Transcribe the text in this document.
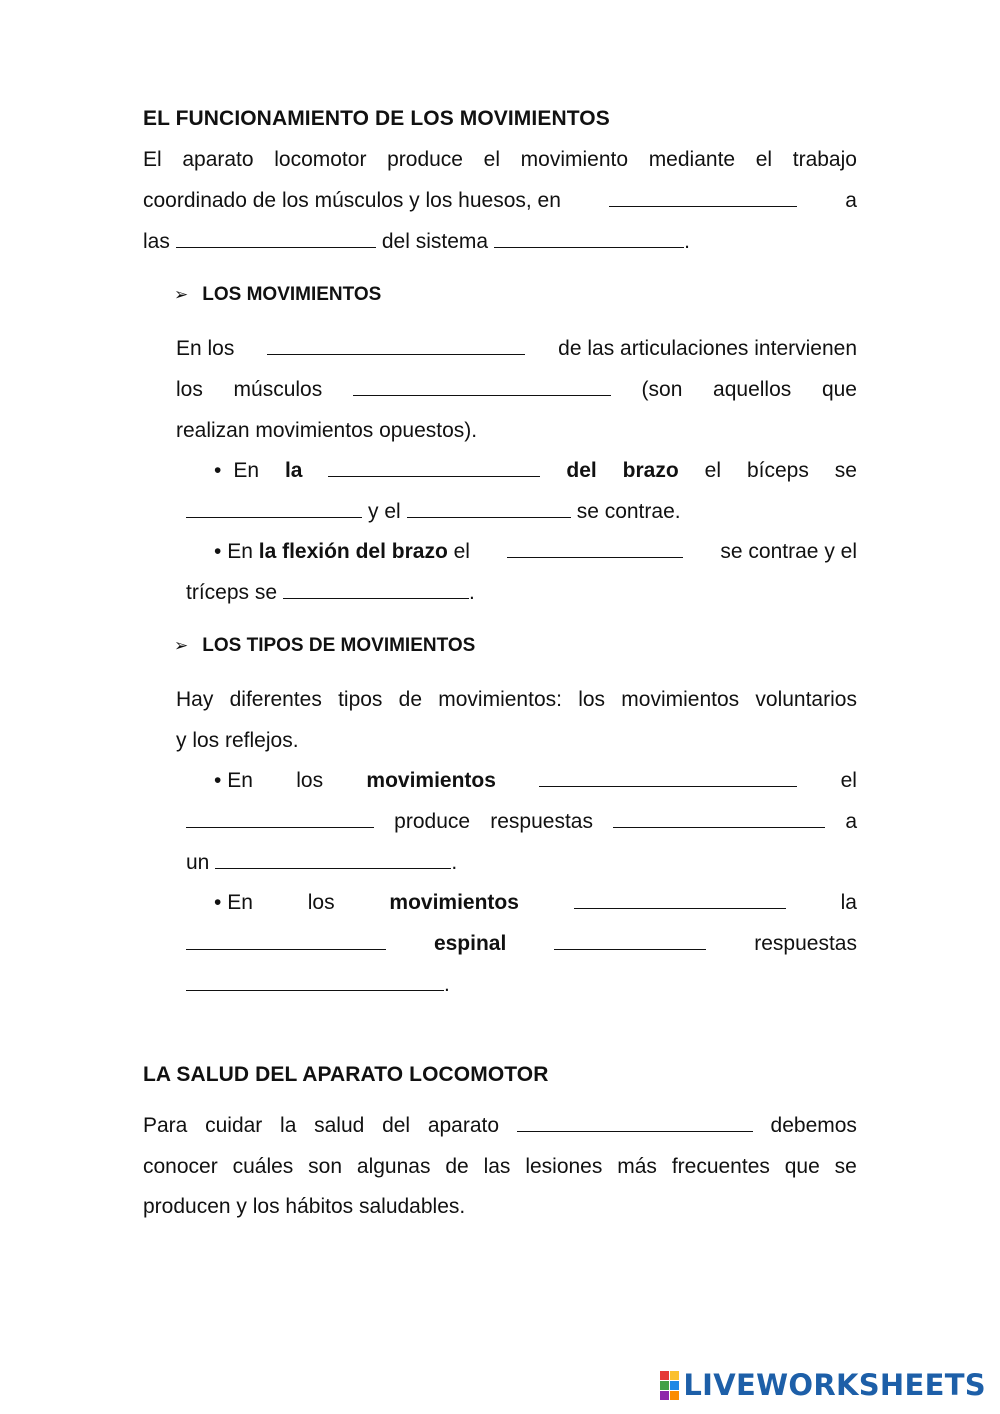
EL FUNCIONAMIENTO DE LOS MOVIMIENTOS
El aparato locomotor produce el movimiento mediante el trabajo
coordinado de los músculos y los huesos, en	a
las	del sistema	.
➢ LOS MOVIMIENTOS
En los	de las articulaciones intervienen
los músculos	(son aquellos que
realizan movimientos opuestos).
• En la	del brazo el bíceps se
y el	se contrae.
• En la flexión del brazo el	se contrae y el
tríceps se	.
➢ LOS TIPOS DE MOVIMIENTOS
Hay diferentes tipos de movimientos: los movimientos voluntarios
y los reflejos.
• En los movimientos	el
produce respuestas	a
un	.
• En	los	movimientos	la
espinal	respuestas
.
LA SALUD DEL APARATO LOCOMOTOR
Para cuidar la salud del aparato	debemos
conocer cuáles son algunas de las lesiones más frecuentes que se
producen y los hábitos saludables.
LIVEWORKSHEETS
